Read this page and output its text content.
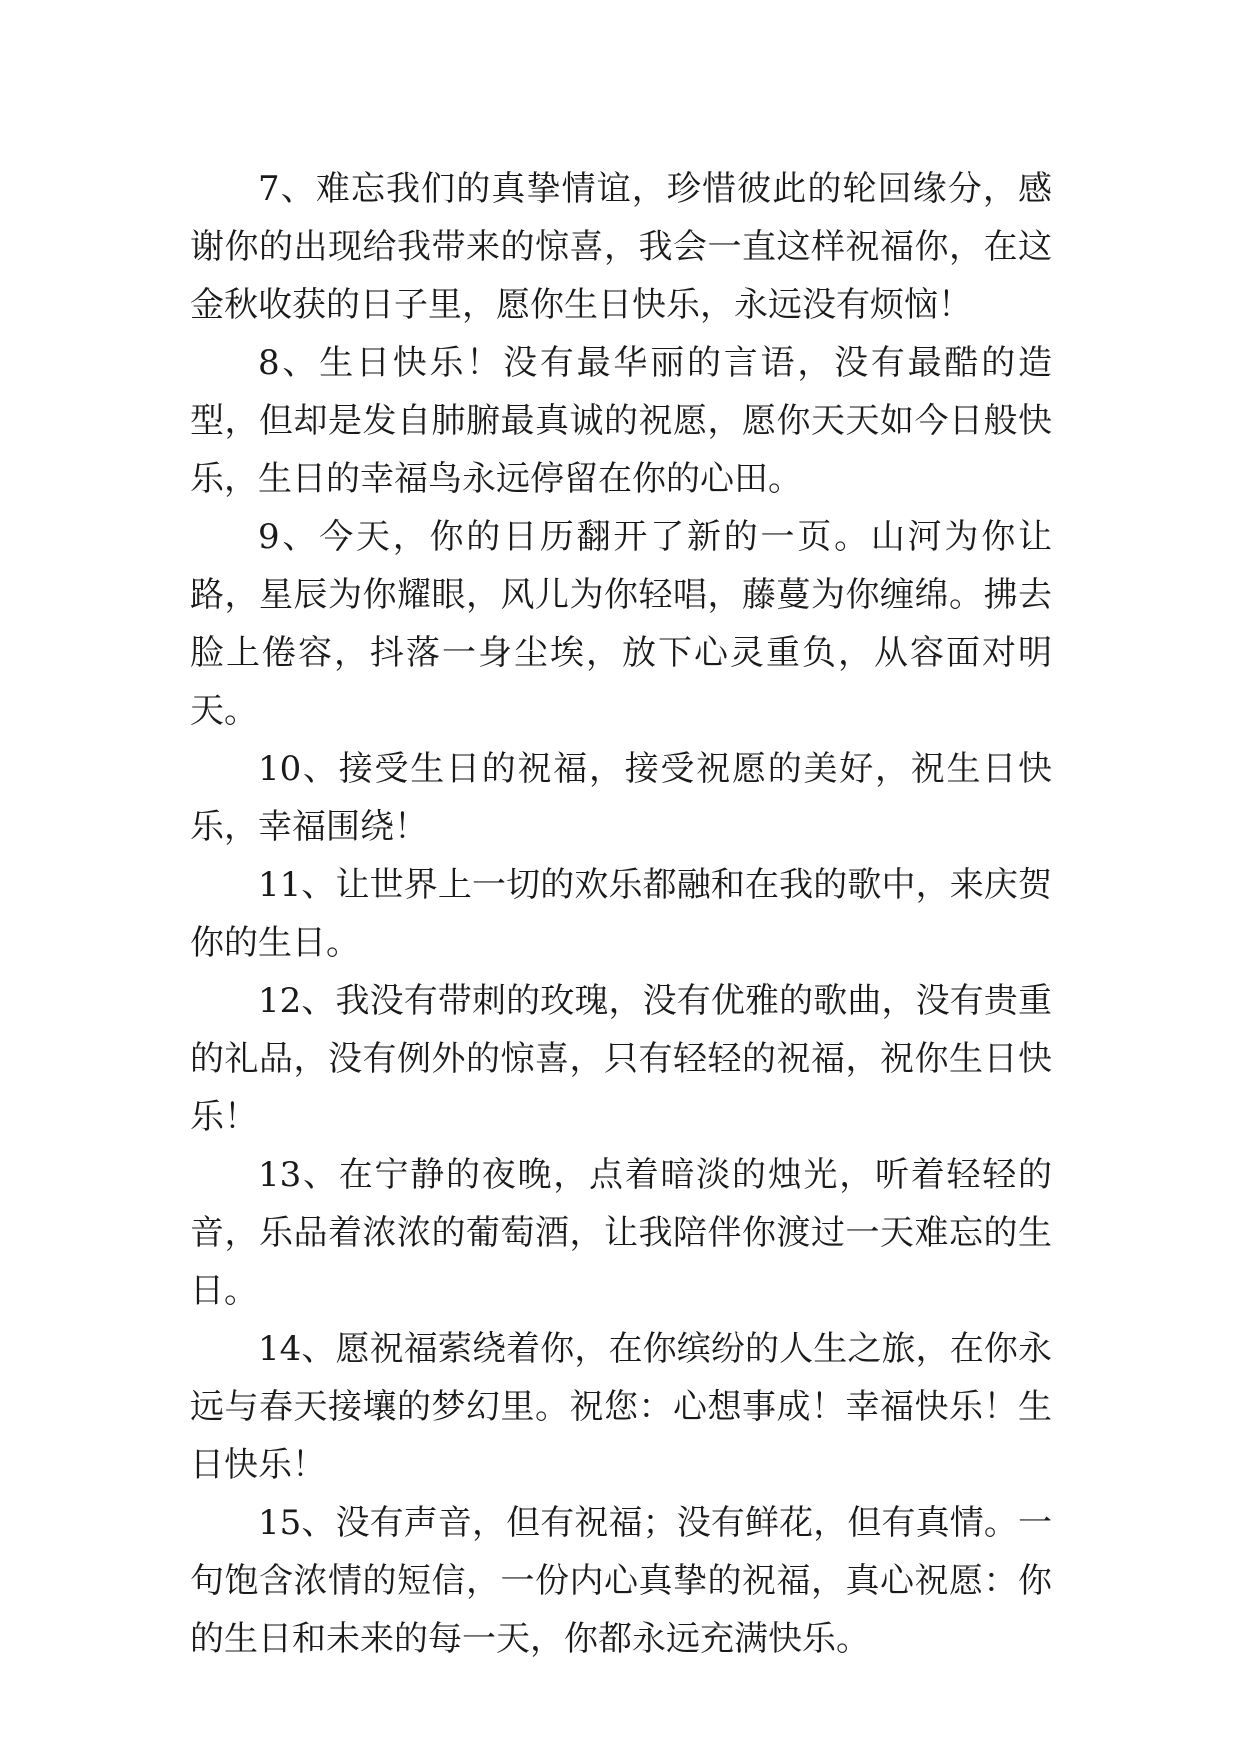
7、难忘我们的真挚情谊，珍惜彼此的轮回缘分，感谢你的出现给我带来的惊喜，我会一直这样祝福你，在这金秋收获的日子里，愿你生日快乐，永远没有烦恼！

8、生日快乐！没有最华丽的言语，没有最酷的造型，但却是发自肺腑最真诚的祝愿，愿你天天如今日般快乐，生日的幸福鸟永远停留在你的心田。

9、今天，你的日历翻开了新的一页。山河为你让路，星辰为你耀眼，风儿为你轻唱，藤蔓为你缠绵。拂去脸上倦容，抖落一身尘埃，放下心灵重负，从容面对明天。

10、接受生日的祝福，接受祝愿的美好，祝生日快乐，幸福围绕！

11、让世界上一切的欢乐都融和在我的歌中，来庆贺你的生日。

12、我没有带刺的玫瑰，没有优雅的歌曲，没有贵重的礼品，没有例外的惊喜，只有轻轻的祝福，祝你生日快乐！

13、在宁静的夜晚，点着暗淡的烛光，听着轻轻的音，乐品着浓浓的葡萄酒，让我陪伴你渡过一天难忘的生日。

14、愿祝福萦绕着你，在你缤纷的人生之旅，在你永远与春天接壤的梦幻里。祝您：心想事成！幸福快乐！生日快乐！

15、没有声音，但有祝福；没有鲜花，但有真情。一句饱含浓情的短信，一份内心真挚的祝福，真心祝愿：你的生日和未来的每一天，你都永远充满快乐。
